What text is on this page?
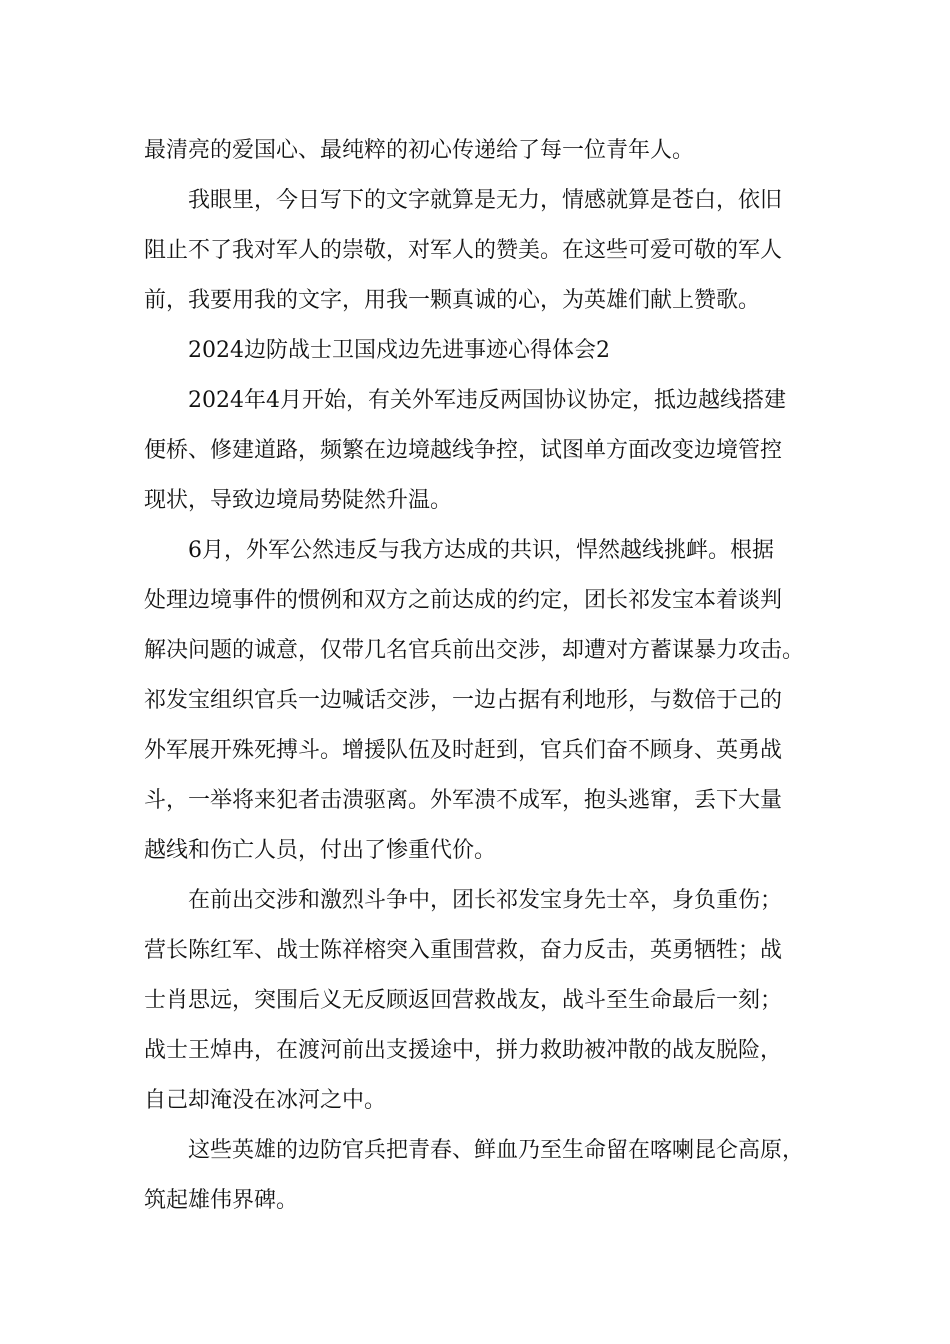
最清亮的爱国心、最纯粹的初心传递给了每一位青年人。
我眼里，今日写下的文字就算是无力，情感就算是苍白，依旧
阻止不了我对军人的崇敬，对军人的赞美。在这些可爱可敬的军人
前，我要用我的文字，用我一颗真诚的心，为英雄们献上赞歌。
2024边防战士卫国戍边先进事迹心得体会2
2024年4月开始，有关外军违反两国协议协定，抵边越线搭建
便桥、修建道路，频繁在边境越线争控，试图单方面改变边境管控
现状，导致边境局势陡然升温。
6月，外军公然违反与我方达成的共识，悍然越线挑衅。根据
处理边境事件的惯例和双方之前达成的约定，团长祁发宝本着谈判
解决问题的诚意，仅带几名官兵前出交涉，却遭对方蓄谋暴力攻击。
祁发宝组织官兵一边喊话交涉，一边占据有利地形，与数倍于己的
外军展开殊死搏斗。增援队伍及时赶到，官兵们奋不顾身、英勇战
斗，一举将来犯者击溃驱离。外军溃不成军，抱头逃窜，丢下大量
越线和伤亡人员，付出了惨重代价。
在前出交涉和激烈斗争中，团长祁发宝身先士卒，身负重伤；
营长陈红军、战士陈祥榕突入重围营救，奋力反击，英勇牺牲；战
士肖思远，突围后义无反顾返回营救战友，战斗至生命最后一刻；
战士王焯冉，在渡河前出支援途中，拼力救助被冲散的战友脱险，
自己却淹没在冰河之中。
这些英雄的边防官兵把青春、鲜血乃至生命留在喀喇昆仑高原，
筑起雄伟界碑。
